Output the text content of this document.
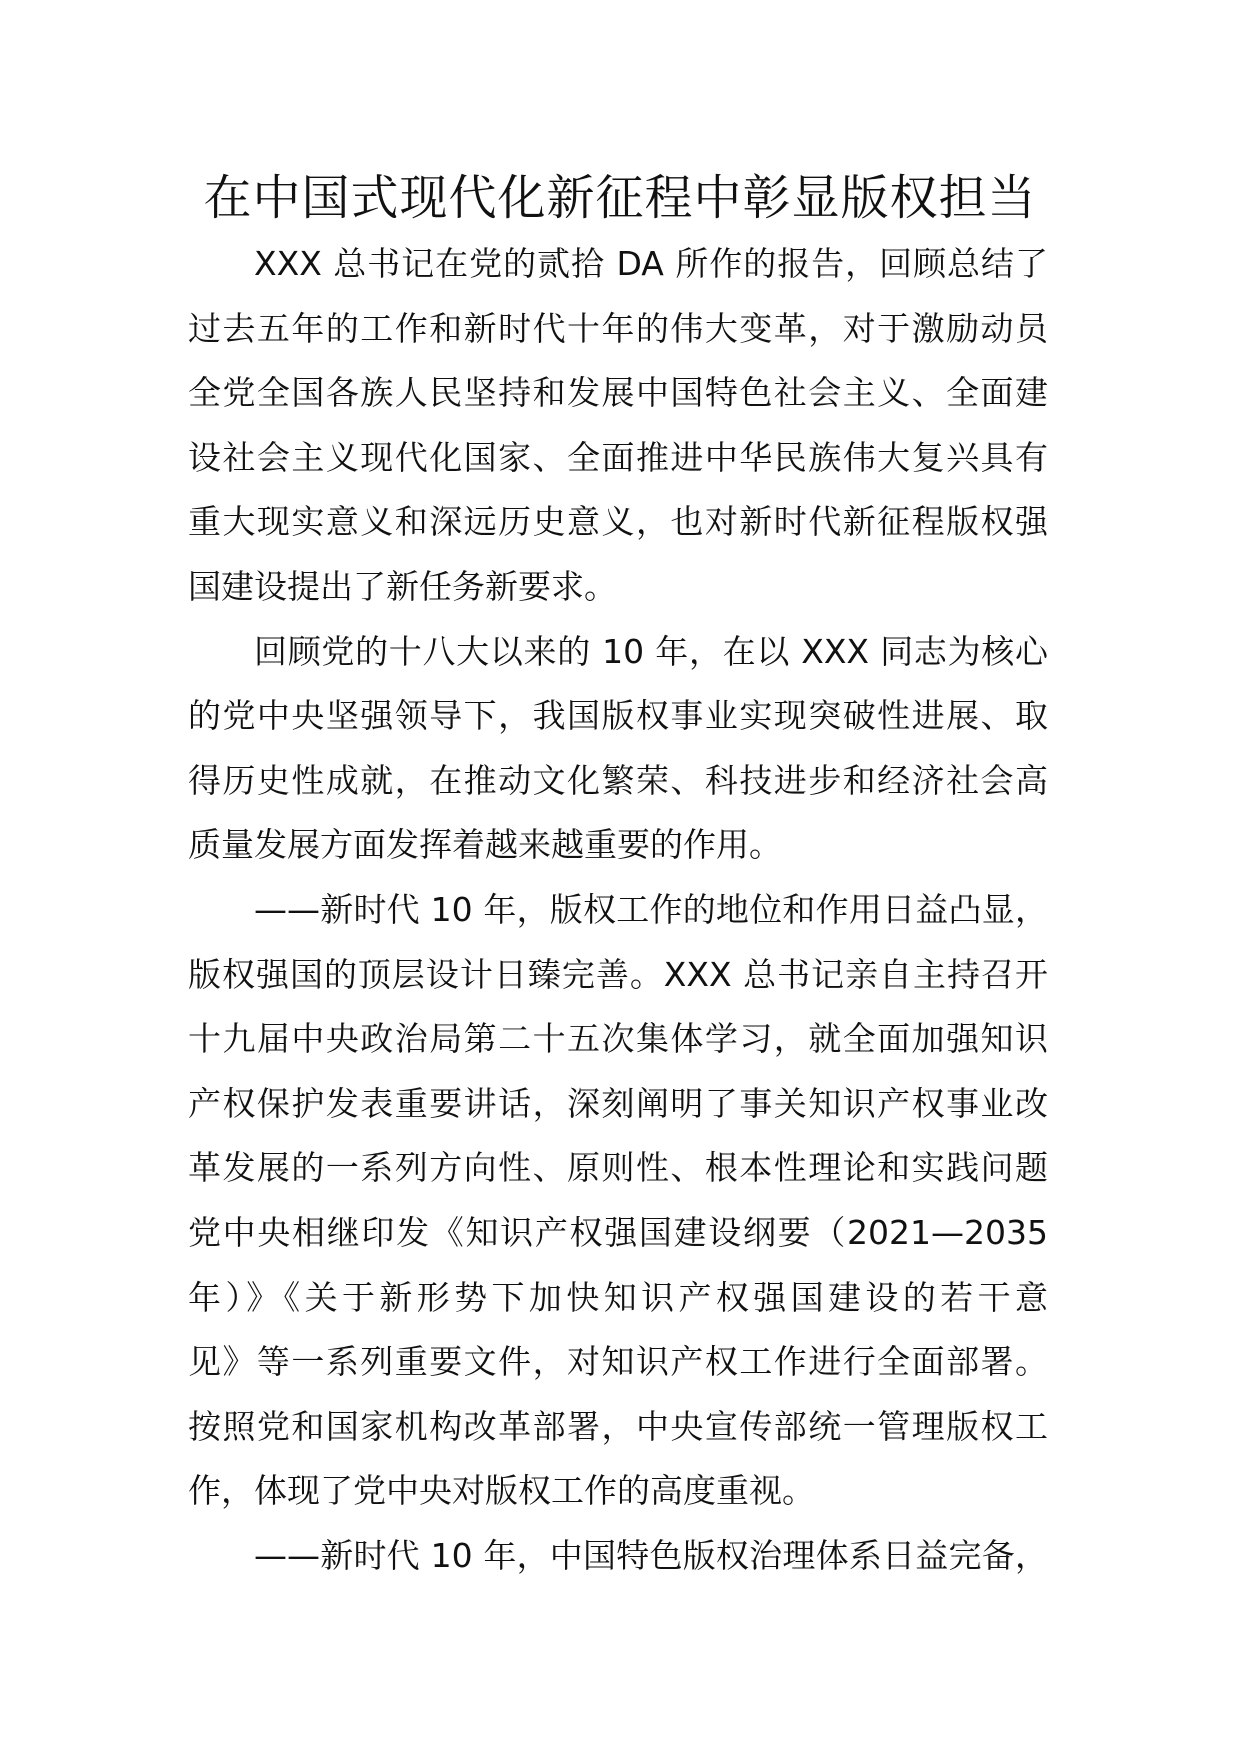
在中国式现代化新征程中彰显版权担当
XXX 总书记在党的贰拾 DA 所作的报告，回顾总结了
过去五年的工作和新时代十年的伟大变革，对于激励动员
全党全国各族人民坚持和发展中国特色社会主义、全面建
设社会主义现代化国家、全面推进中华民族伟大复兴具有
重大现实意义和深远历史意义，也对新时代新征程版权强
国建设提出了新任务新要求。
回顾党的十八大以来的 10 年，在以 XXX 同志为核心
的党中央坚强领导下，我国版权事业实现突破性进展、取
得历史性成就，在推动文化繁荣、科技进步和经济社会高
质量发展方面发挥着越来越重要的作用。
——新时代 10 年，版权工作的地位和作用日益凸显，
版权强国的顶层设计日臻完善。XXX 总书记亲自主持召开
十九届中央政治局第二十五次集体学习，就全面加强知识
产权保护发表重要讲话，深刻阐明了事关知识产权事业改
革发展的一系列方向性、原则性、根本性理论和实践问题
党中央相继印发《知识产权强国建设纲要（2021—2035
年）》《关于新形势下加快知识产权强国建设的若干意
见》等一系列重要文件，对知识产权工作进行全面部署。
按照党和国家机构改革部署，中央宣传部统一管理版权工
作，体现了党中央对版权工作的高度重视。
——新时代 10 年，中国特色版权治理体系日益完备，
